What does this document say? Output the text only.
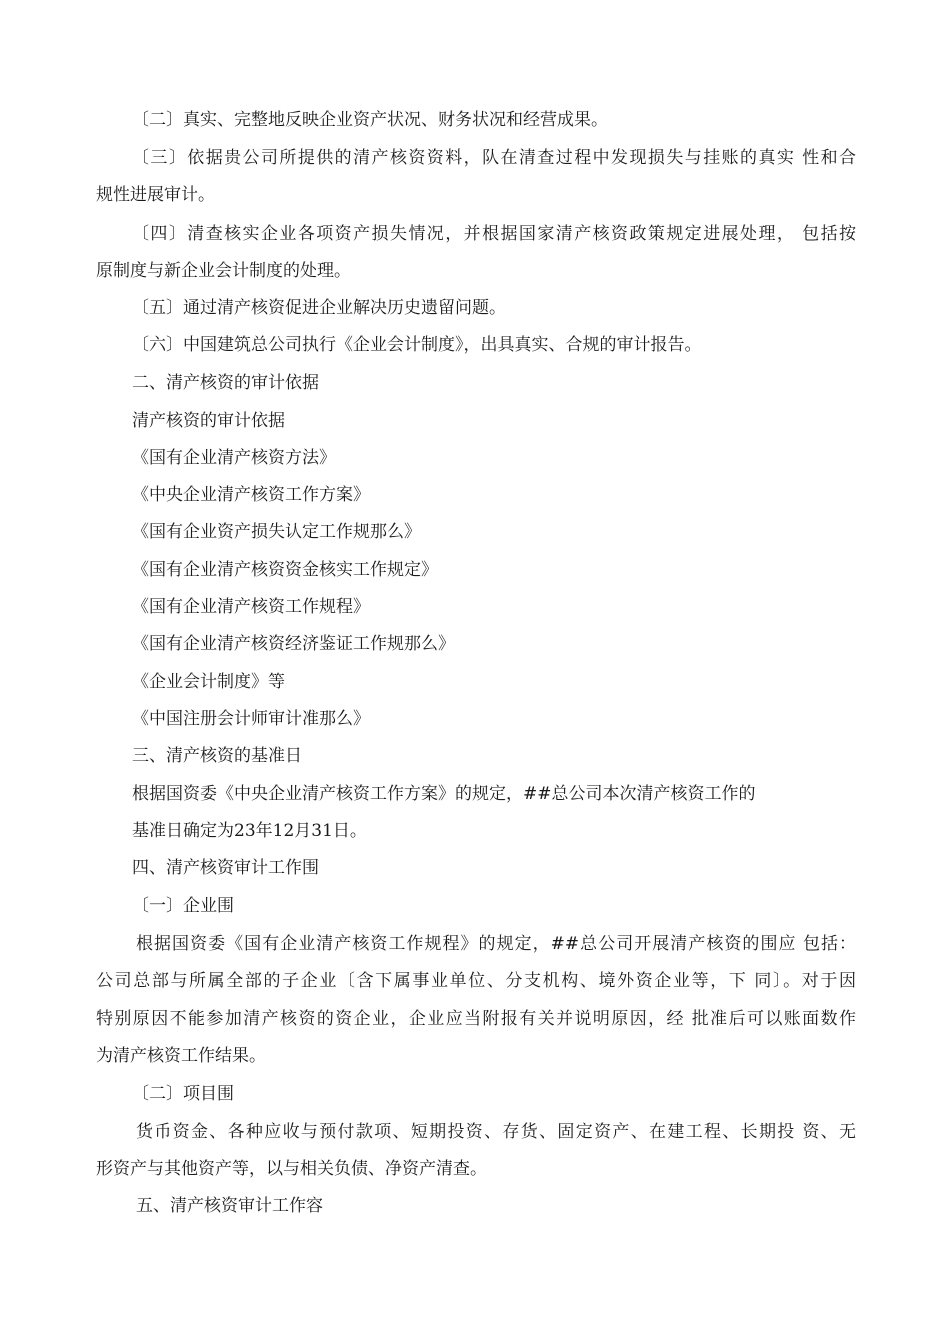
〔二〕真实、完整地反映企业资产状况、财务状况和经营成果。
〔三〕依据贵公司所提供的清产核资资料，队在清查过程中发现损失与挂账的真实 性和合
规性进展审计。
〔四〕清查核实企业各项资产损失情况，并根据国家清产核资政策规定进展处理， 包括按
原制度与新企业会计制度的处理。
〔五〕通过清产核资促进企业解决历史遗留问题。
〔六〕中国建筑总公司执行《企业会计制度》，出具真实、合规的审计报告。
二、清产核资的审计依据
清产核资的审计依据
《国有企业清产核资方法》
《中央企业清产核资工作方案》
《国有企业资产损失认定工作规那么》
《国有企业清产核资资金核实工作规定》
《国有企业清产核资工作规程》
《国有企业清产核资经济鉴证工作规那么》
《企业会计制度》等
《中国注册会计师审计准那么》
三、清产核资的基准日
根据国资委《中央企业清产核资工作方案》的规定，##总公司本次清产核资工作的
基准日确定为23年12月31日。
四、清产核资审计工作围
〔一〕企业围
根据国资委《国有企业清产核资工作规程》的规定，##总公司开展清产核资的围应 包括：
公司总部与所属全部的子企业〔含下属事业单位、分支机构、境外资企业等，下 同〕。对于因
特别原因不能参加清产核资的资企业，企业应当附报有关并说明原因，经 批准后可以账面数作
为清产核资工作结果。
〔二〕项目围
货币资金、各种应收与预付款项、短期投资、存货、固定资产、在建工程、长期投 资、无
形资产与其他资产等，以与相关负债、净资产清查。
五、清产核资审计工作容
